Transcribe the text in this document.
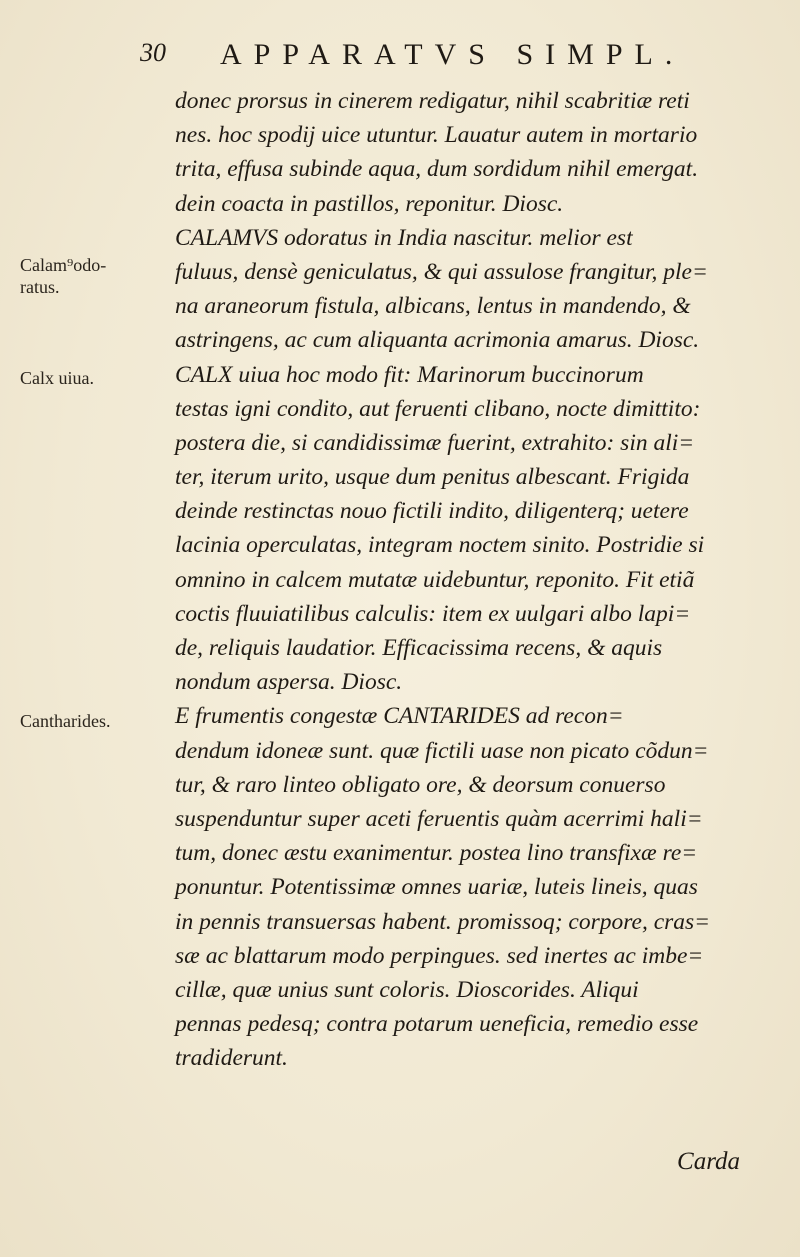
30 APPARATVS SIMPL.
Calam⁹odo-
ratus.
Calx uiua.
Cantharides.
donec prorsus in cinerem redigatur, nihil scabritiæ reti
nes. hoc spodij uice utuntur. Lauatur autem in mortario
trita, effusa subinde aqua, dum sordidum nihil emergat.
dein coacta in pastillos, reponitur. Diosc.
CALAMVS odoratus in India nascitur. melior est
fuluus, densè geniculatus, & qui assulose frangitur, ple=
na araneorum fistula, albicans, lentus in mandendo, &
astringens, ac cum aliquanta acrimonia amarus. Diosc.
CALX uiua hoc modo fit: Marinorum buccinorum
testas igni condito, aut feruenti clibano, nocte dimittito:
postera die, si candidissimæ fuerint, extrahito: sin ali=
ter, iterum urito, usque dum penitus albescant. Frigida
deinde restinctas nouo fictili indito, diligenterq; uetere
lacinia operculatas, integram noctem sinito. Postridie si
omnino in calcem mutatæ uidebuntur, reponito. Fit etiã
coctis fluuiatilibus calculis: item ex uulgari albo lapi=
de, reliquis laudatior. Efficacissima recens, & aquis
nondum aspersa. Diosc.
E frumentis congestæ CANTARIDES ad recon=
dendum idoneæ sunt. quæ fictili uase non picato cõdun=
tur, & raro linteo obligato ore, & deorsum conuerso
suspenduntur super aceti feruentis quàm acerrimi hali=
tum, donec æstu exanimentur. postea lino transfixæ re=
ponuntur. Potentissimæ omnes uariæ, luteis lineis, quas
in pennis transuersas habent. promissoq; corpore, cras=
sæ ac blattarum modo perpingues. sed inertes ac imbe=
cillæ, quæ unius sunt coloris. Dioscorides. Aliqui
pennas pedesq; contra potarum ueneficia, remedio esse
tradiderunt.
Carda
